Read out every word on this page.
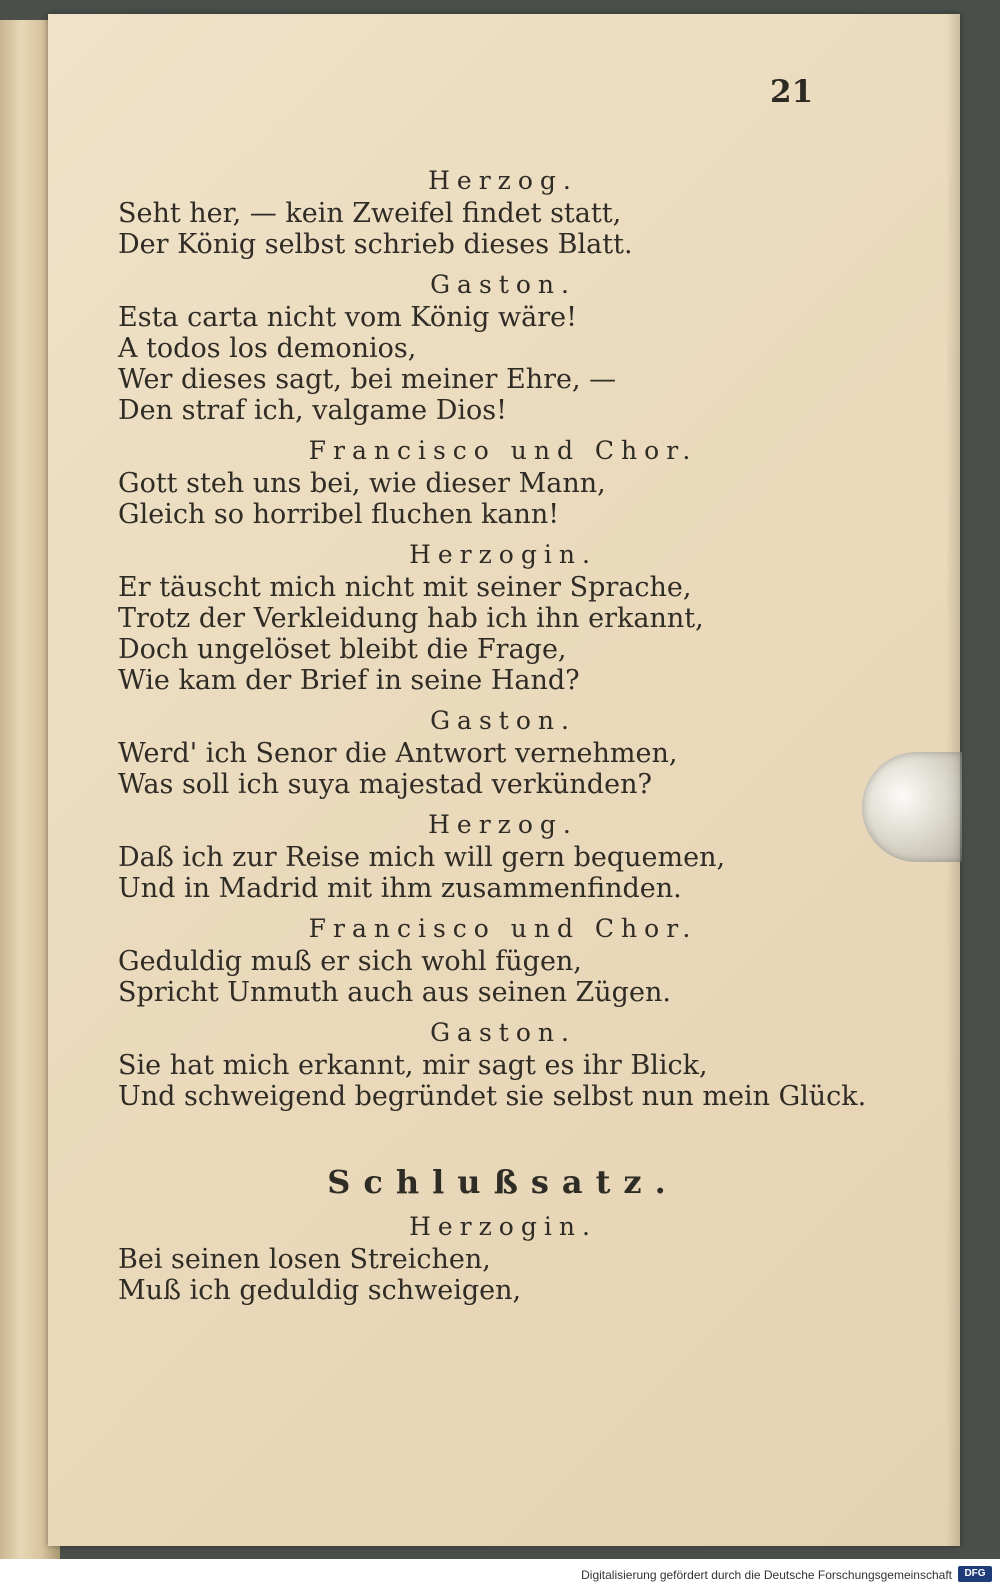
21
Herzog.
Seht her, — kein Zweifel findet statt,
Der König selbst schrieb dieses Blatt.
Gaston.
Esta carta nicht vom König wäre!
A todos los demonios,
Wer dieses sagt, bei meiner Ehre, —
Den straf ich, valgame Dios!
Francisco und Chor.
Gott steh uns bei, wie dieser Mann,
Gleich so horribel fluchen kann!
Herzogin.
Er täuscht mich nicht mit seiner Sprache,
Trotz der Verkleidung hab ich ihn erkannt,
Doch ungelöset bleibt die Frage,
Wie kam der Brief in seine Hand?
Gaston.
Werd' ich Senor die Antwort vernehmen,
Was soll ich suya majestad verkünden?
Herzog.
Daß ich zur Reise mich will gern bequemen,
Und in Madrid mit ihm zusammenfinden.
Francisco und Chor.
Geduldig muß er sich wohl fügen,
Spricht Unmuth auch aus seinen Zügen.
Gaston.
Sie hat mich erkannt, mir sagt es ihr Blick,
Und schweigend begründet sie selbst nun mein Glück.
Schlußsatz.
Herzogin.
Bei seinen losen Streichen,
Muß ich geduldig schweigen,
Digitalisierung gefördert durch die Deutsche Forschungsgemeinschaft	DFG
